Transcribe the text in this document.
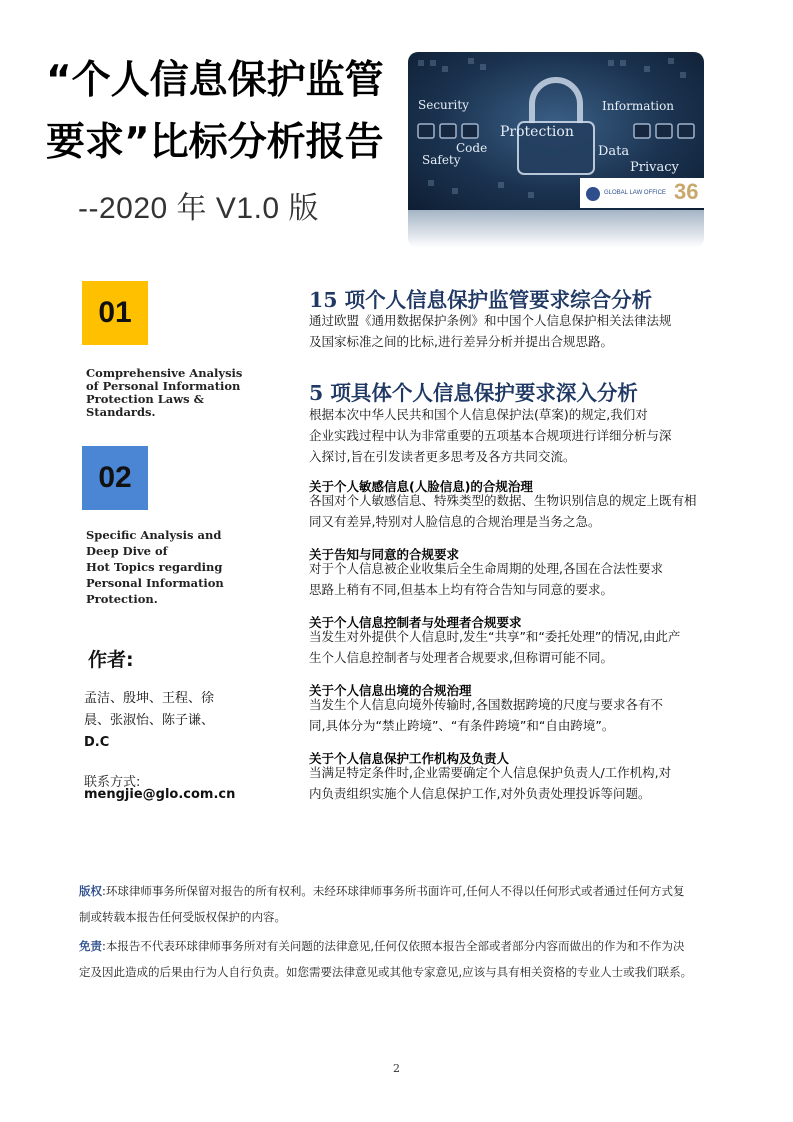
“个人信息保护监管
要求”比标分析报告
--2020 年 V1.0 版
Security	Information
Protection
Code	Data
Safety	Privacy
GLOBAL LAW OFFICE 36
01
Comprehensive Analysis
of Personal Information
Protection Laws &
Standards.
02
Specific Analysis and
Deep Dive of
Hot Topics regarding
Personal Information
Protection.
作者:
孟洁、殷坤、王程、徐
晨、张淑怡、陈子谦、
D.C
联系方式:
mengjie@glo.com.cn
15 项个人信息保护监管要求综合分析
通过欧盟《通用数据保护条例》和中国个人信息保护相关法律法规
及国家标准之间的比标,进行差异分析并提出合规思路。
5 项具体个人信息保护要求深入分析
根据本次中华人民共和国个人信息保护法(草案)的规定,我们对
企业实践过程中认为非常重要的五项基本合规项进行详细分析与深
入探讨,旨在引发读者更多思考及各方共同交流。
关于个人敏感信息(人脸信息)的合规治理
各国对个人敏感信息、特殊类型的数据、生物识别信息的规定上既有相
同又有差异,特别对人脸信息的合规治理是当务之急。
关于告知与同意的合规要求
对于个人信息被企业收集后全生命周期的处理,各国在合法性要求
思路上稍有不同,但基本上均有符合告知与同意的要求。
关于个人信息控制者与处理者合规要求
当发生对外提供个人信息时,发生“共享”和“委托处理”的情况,由此产
生个人信息控制者与处理者合规要求,但称谓可能不同。
关于个人信息出境的合规治理
当发生个人信息向境外传输时,各国数据跨境的尺度与要求各有不
同,具体分为“禁止跨境”、“有条件跨境”和“自由跨境”。
关于个人信息保护工作机构及负责人
当满足特定条件时,企业需要确定个人信息保护负责人/工作机构,对
内负责组织实施个人信息保护工作,对外负责处理投诉等问题。
版权:环球律师事务所保留对报告的所有权利。未经环球律师事务所书面许可,任何人不得以任何形式或者通过任何方式复
制或转载本报告任何受版权保护的内容。
免责:本报告不代表环球律师事务所对有关问题的法律意见,任何仅依照本报告全部或者部分内容而做出的作为和不作为决
定及因此造成的后果由行为人自行负责。如您需要法律意见或其他专家意见,应该与具有相关资格的专业人士或我们联系。
2
